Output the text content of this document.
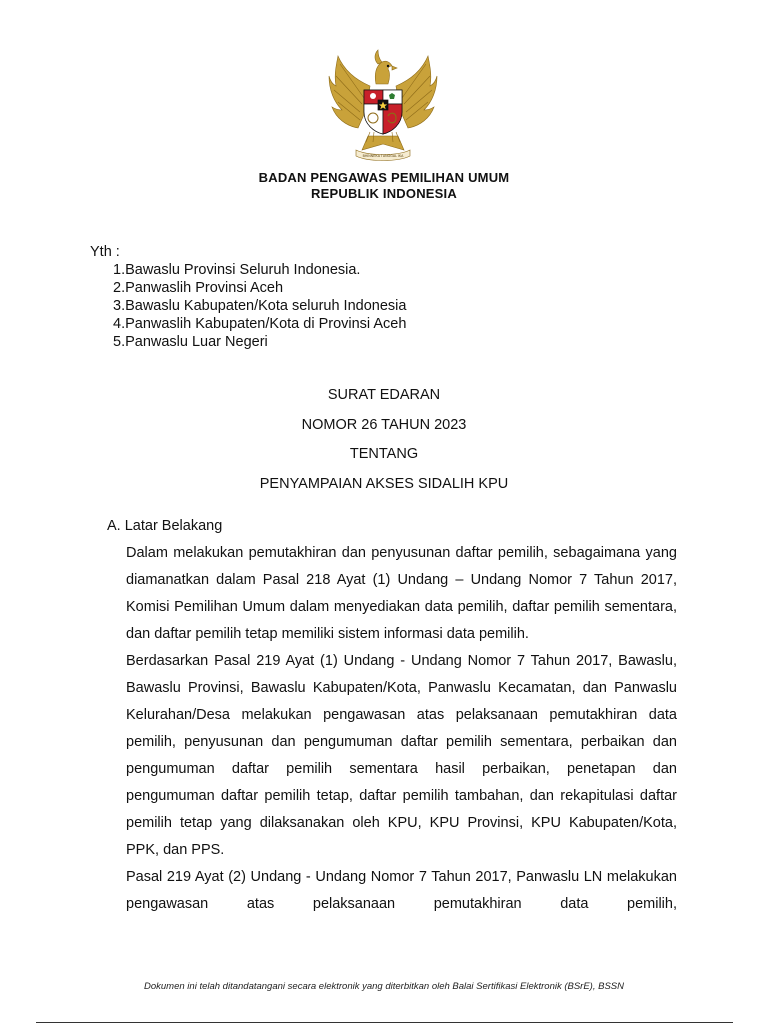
BHINNEKA TUNGGAL IKA
BADAN PENGAWAS PEMILIHAN UMUM
REPUBLIK INDONESIA
Yth :
1.Bawaslu Provinsi Seluruh Indonesia.
2.Panwaslih Provinsi Aceh
3.Bawaslu Kabupaten/Kota seluruh Indonesia
4.Panwaslih Kabupaten/Kota di Provinsi Aceh
5.Panwaslu Luar Negeri
SURAT EDARAN
NOMOR 26 TAHUN 2023
TENTANG
PENYAMPAIAN AKSES SIDALIH KPU
A. Latar Belakang

Dalam melakukan pemutakhiran dan penyusunan daftar pemilih, sebagaimana yang diamanatkan dalam Pasal 218 Ayat (1) Undang – Undang Nomor 7 Tahun 2017, Komisi Pemilihan Umum dalam menyediakan data pemilih, daftar pemilih sementara, dan daftar pemilih tetap memiliki sistem informasi data pemilih.

Berdasarkan Pasal 219 Ayat (1) Undang - Undang Nomor 7 Tahun 2017, Bawaslu, Bawaslu Provinsi, Bawaslu Kabupaten/Kota, Panwaslu Kecamatan, dan Panwaslu Kelurahan/Desa melakukan pengawasan atas pelaksanaan pemutakhiran data pemilih, penyusunan dan pengumuman daftar pemilih sementara, perbaikan dan pengumuman daftar pemilih sementara hasil perbaikan, penetapan dan pengumuman daftar pemilih tetap, daftar pemilih tambahan, dan rekapitulasi daftar pemilih tetap yang dilaksanakan oleh KPU, KPU Provinsi, KPU Kabupaten/Kota, PPK, dan PPS.

Pasal 219 Ayat (2) Undang - Undang Nomor 7 Tahun 2017, Panwaslu LN melakukan pengawasan atas pelaksanaan pemutakhiran data pemilih,

Dokumen ini telah ditandatangani secara elektronik yang diterbitkan oleh Balai Sertifikasi Elektronik (BSrE), BSSN
